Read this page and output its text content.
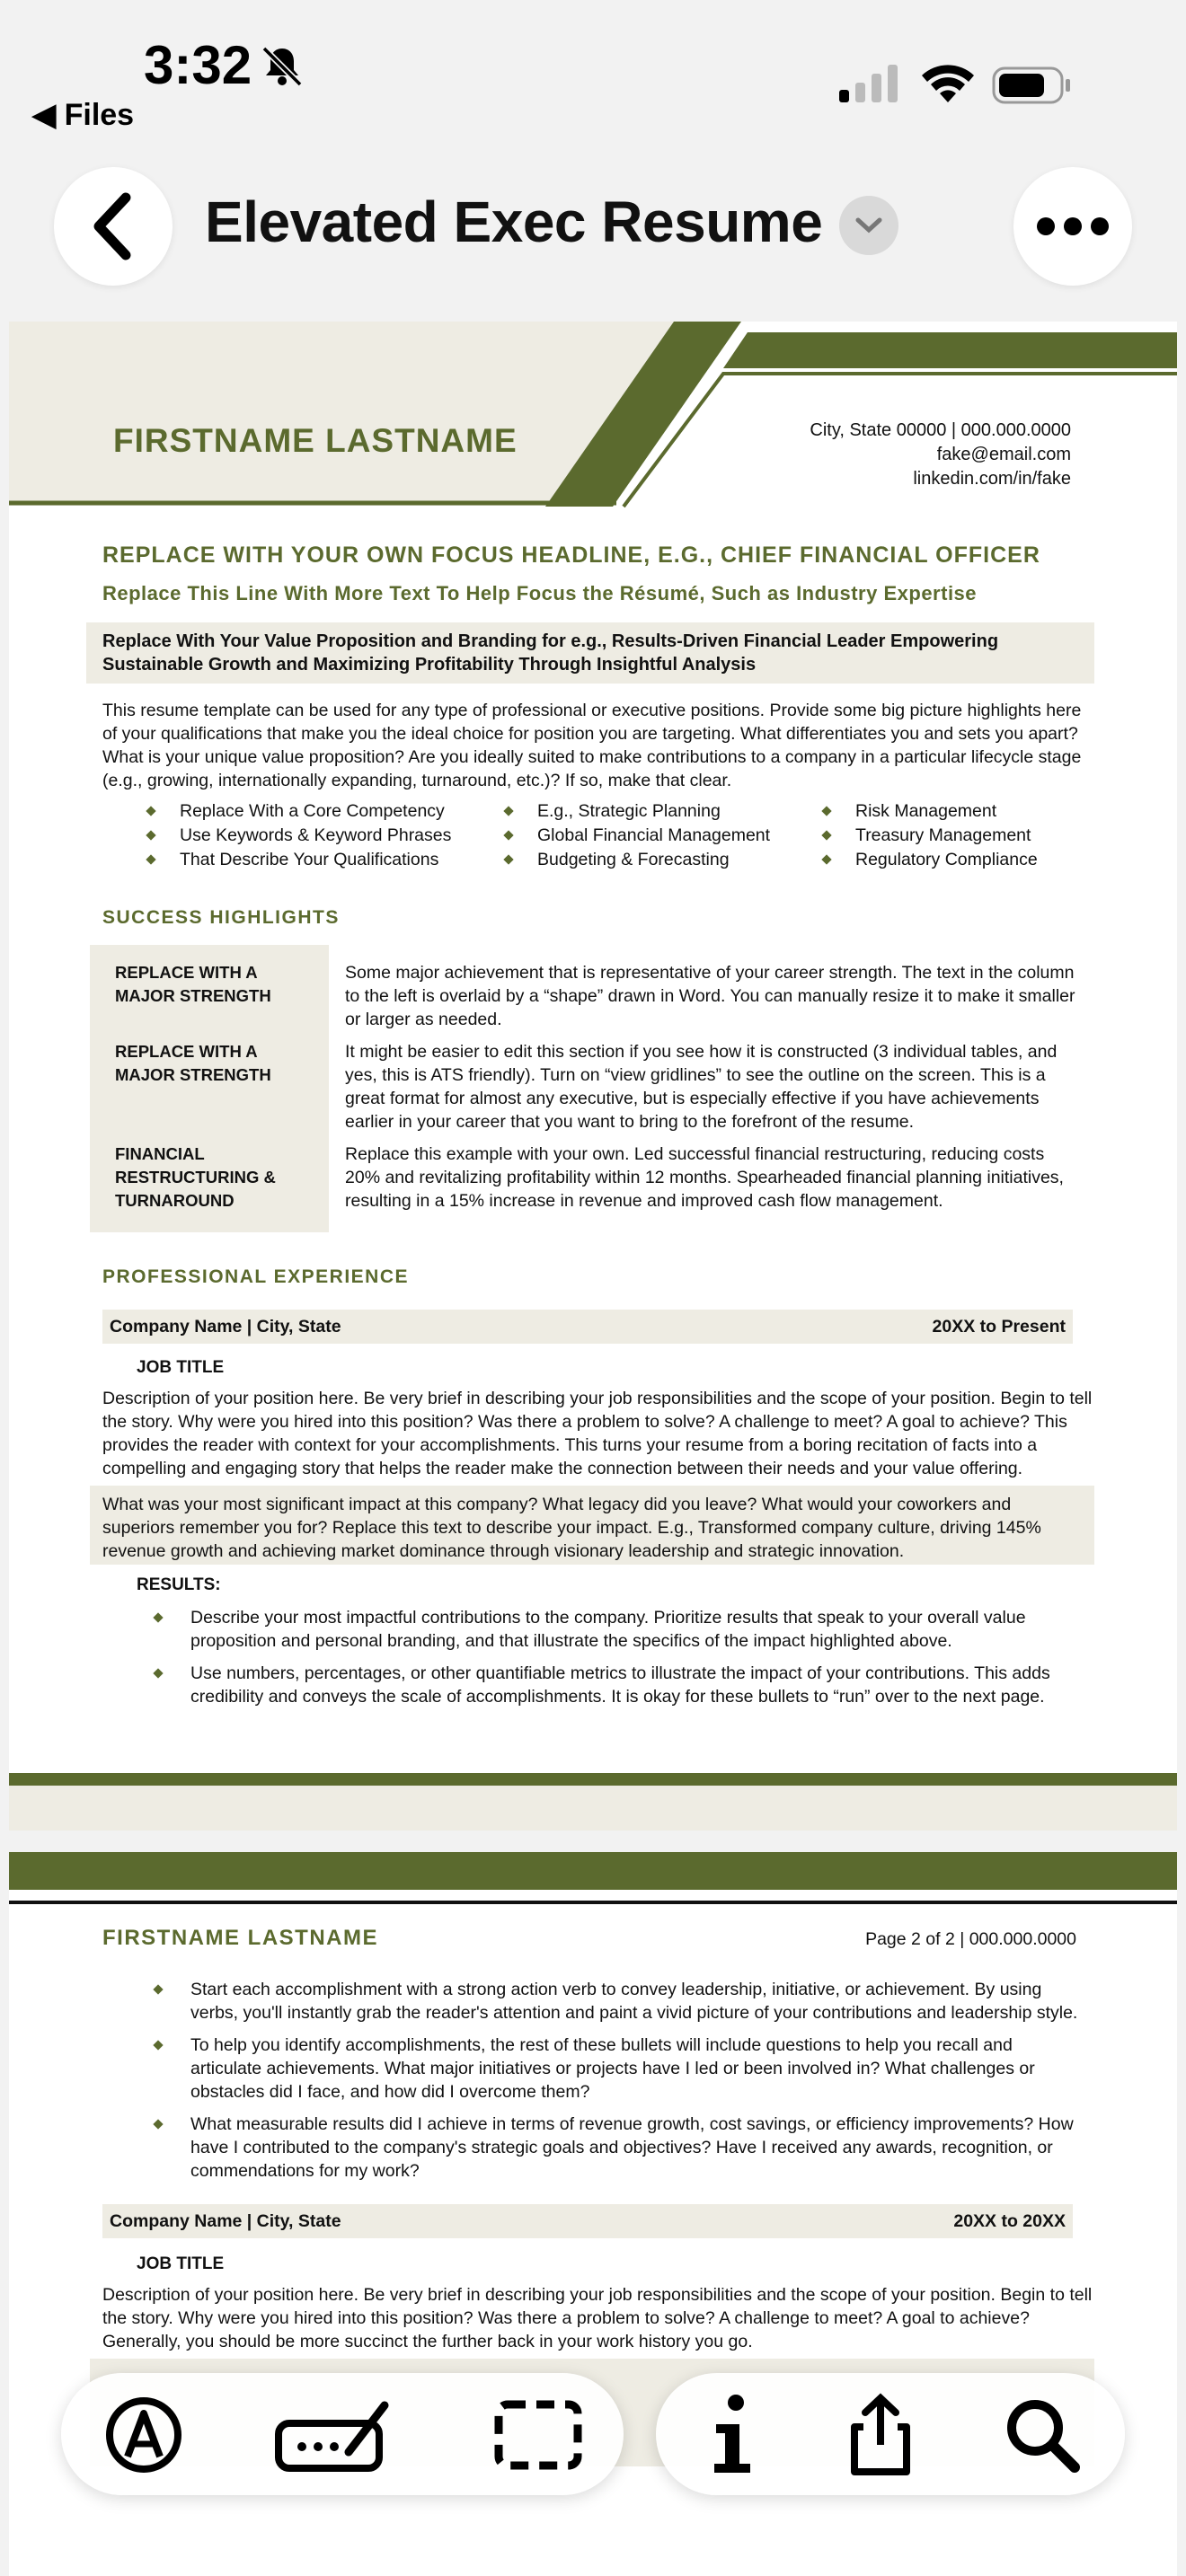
3:32
◀ Files
Elevated Exec Resume
FIRSTNAME LASTNAME	City, State 00000 | 000.000.0000
fake@email.com
linkedin.com/in/fake
REPLACE WITH YOUR OWN FOCUS HEADLINE, E.G., CHIEF FINANCIAL OFFICER
Replace This Line With More Text To Help Focus the Résumé, Such as Industry Expertise
Replace With Your Value Proposition and Branding for e.g., Results-Driven Financial Leader Empowering
Sustainable Growth and Maximizing Profitability Through Insightful Analysis
This resume template can be used for any type of professional or executive positions. Provide some big picture highlights here of your qualifications that make you the ideal choice for position you are targeting. What differentiates you and sets you apart? What is your unique value proposition? Are you ideally suited to make contributions to a company in a particular lifecycle stage (e.g., growing, internationally expanding, turnaround, etc.)? If so, make that clear.
Replace With a Core Competency
Use Keywords & Keyword Phrases
That Describe Your Qualifications
E.g., Strategic Planning
Global Financial Management
Budgeting & Forecasting
Risk Management
Treasury Management
Regulatory Compliance
SUCCESS HIGHLIGHTS
REPLACE WITH A MAJOR STRENGTH
Some major achievement that is representative of your career strength. The text in the column to the left is overlaid by a “shape” drawn in Word. You can manually resize it to make it smaller or larger as needed.
REPLACE WITH A MAJOR STRENGTH
It might be easier to edit this section if you see how it is constructed (3 individual tables, and yes, this is ATS friendly). Turn on “view gridlines” to see the outline on the screen. This is a great format for almost any executive, but is especially effective if you have achievements earlier in your career that you want to bring to the forefront of the resume.
FINANCIAL RESTRUCTURING & TURNAROUND
Replace this example with your own. Led successful financial restructuring, reducing costs 20% and revitalizing profitability within 12 months. Spearheaded financial planning initiatives, resulting in a 15% increase in revenue and improved cash flow management.
PROFESSIONAL EXPERIENCE
Company Name | City, State	20XX to Present
JOB TITLE
Description of your position here. Be very brief in describing your job responsibilities and the scope of your position. Begin to tell the story. Why were you hired into this position? Was there a problem to solve? A challenge to meet? A goal to achieve? This provides the reader with context for your accomplishments. This turns your resume from a boring recitation of facts into a compelling and engaging story that helps the reader make the connection between their needs and your value offering.
What was your most significant impact at this company? What legacy did you leave? What would your coworkers and superiors remember you for? Replace this text to describe your impact. E.g., Transformed company culture, driving 145% revenue growth and achieving market dominance through visionary leadership and strategic innovation.
RESULTS:
Describe your most impactful contributions to the company. Prioritize results that speak to your overall value proposition and personal branding, and that illustrate the specifics of the impact highlighted above.
Use numbers, percentages, or other quantifiable metrics to illustrate the impact of your contributions. This adds credibility and conveys the scale of accomplishments. It is okay for these bullets to “run” over to the next page.
FIRSTNAME LASTNAME	Page 2 of 2 | 000.000.0000
Start each accomplishment with a strong action verb to convey leadership, initiative, or achievement. By using verbs, you'll instantly grab the reader's attention and paint a vivid picture of your contributions and leadership style.
To help you identify accomplishments, the rest of these bullets will include questions to help you recall and articulate achievements. What major initiatives or projects have I led or been involved in? What challenges or obstacles did I face, and how did I overcome them?
What measurable results did I achieve in terms of revenue growth, cost savings, or efficiency improvements? How have I contributed to the company's strategic goals and objectives? Have I received any awards, recognition, or commendations for my work?
Company Name | City, State	20XX to 20XX
JOB TITLE
Description of your position here. Be very brief in describing your job responsibilities and the scope of your position. Begin to tell the story. Why were you hired into this position? Was there a problem to solve? A challenge to meet? A goal to achieve? Generally, you should be more succinct the further back in your work history you go.
